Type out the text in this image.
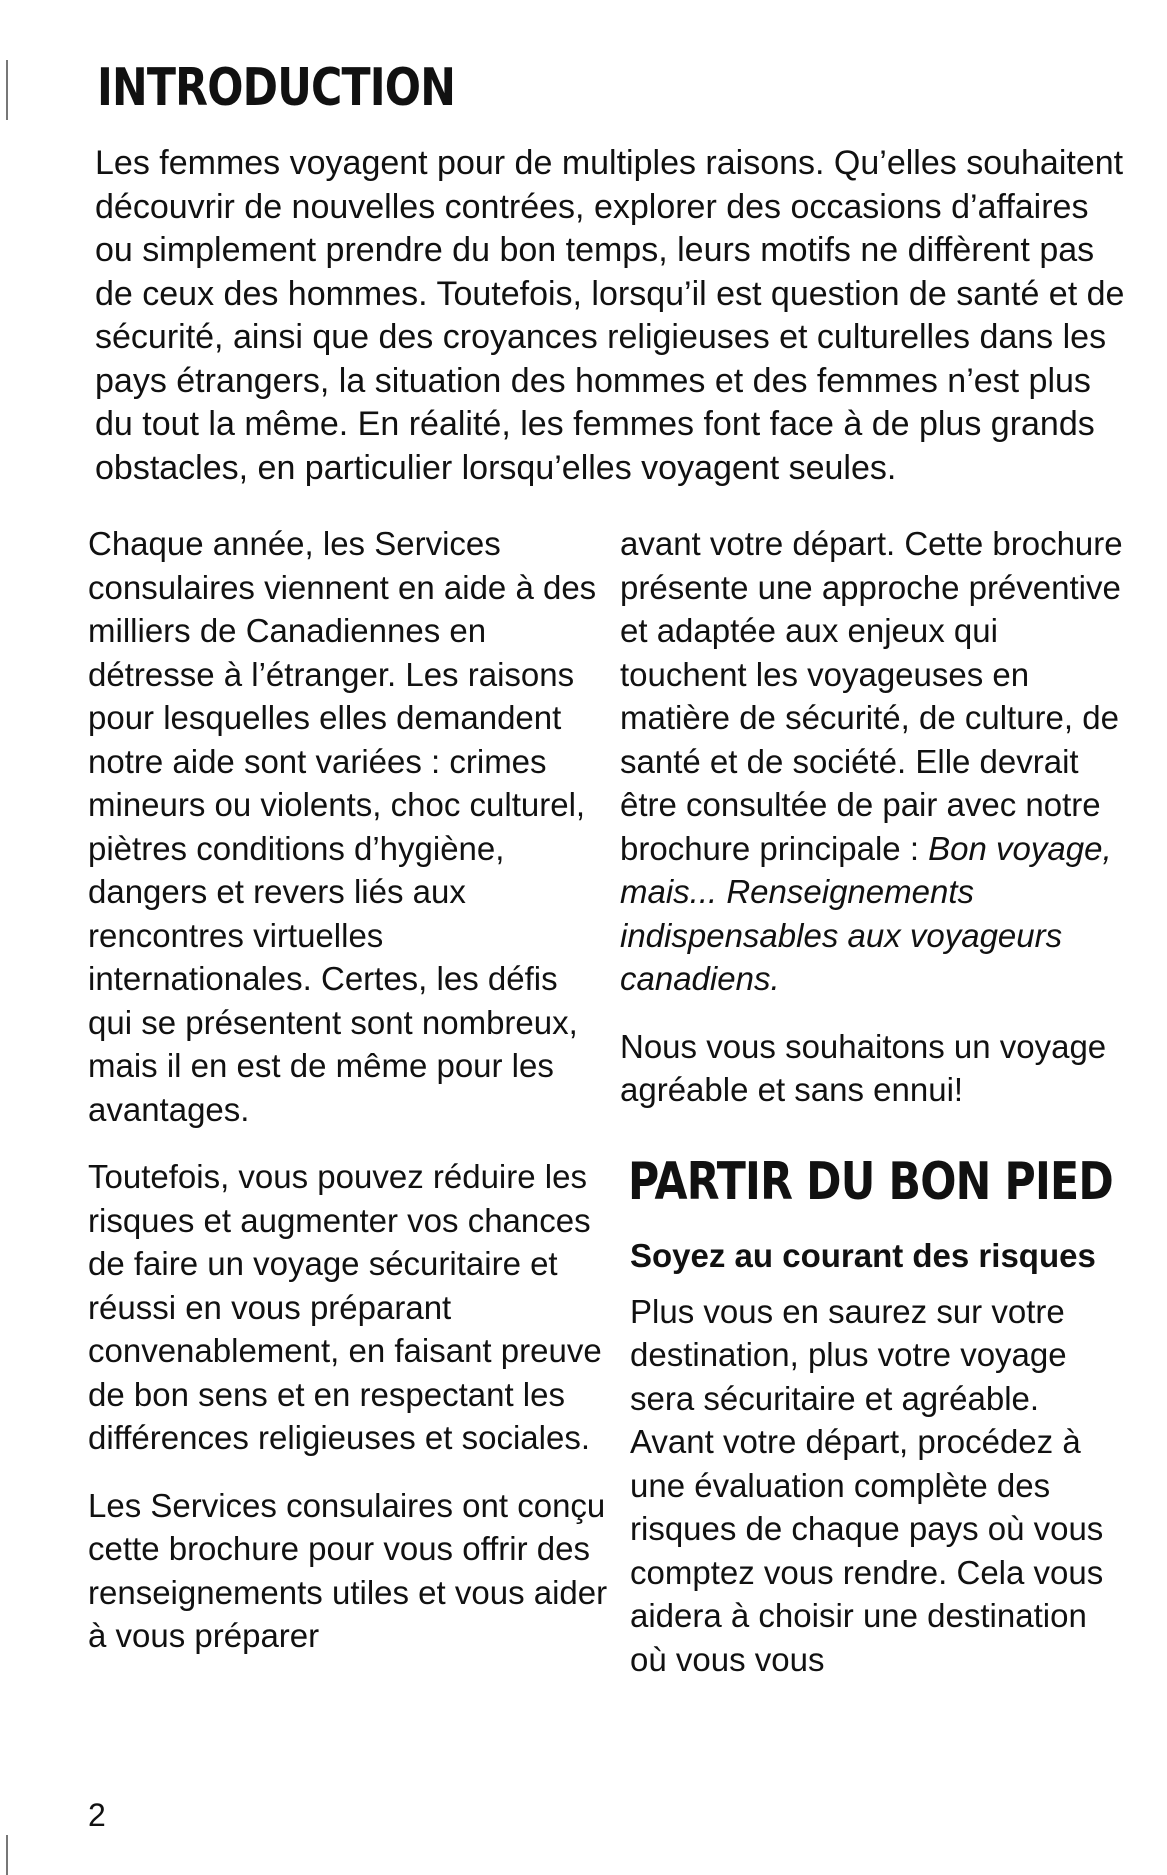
INTRODUCTION

Les femmes voyagent pour de multiples raisons. Qu’elles souhaitent découvrir de nouvelles contrées, explorer des occasions d’affaires ou simplement prendre du bon temps, leurs motifs ne diffèrent pas de ceux des hommes. Toutefois, lorsqu’il est question de santé et de sécurité, ainsi que des croyances religieuses et culturelles dans les pays étrangers, la situation des hommes et des femmes n’est plus du tout la même. En réalité, les femmes font face à de plus grands obstacles, en particulier lorsqu’elles voyagent seules.

Chaque année, les Services consulaires viennent en aide à des milliers de Canadiennes en détresse à l’étranger. Les raisons pour lesquelles elles demandent notre aide sont variées : crimes mineurs ou violents, choc culturel, piètres conditions d’hygiène, dangers et revers liés aux rencontres virtuelles internationales. Certes, les défis qui se présentent sont nombreux, mais il en est de même pour les avantages.

Toutefois, vous pouvez réduire les risques et augmenter vos chances de faire un voyage sécuritaire et réussi en vous préparant convenablement, en faisant preuve de bon sens et en respectant les différences religieuses et sociales.

Les Services consulaires ont conçu cette brochure pour vous offrir des renseignements utiles et vous aider à vous préparer

avant votre départ. Cette brochure présente une approche préventive et adaptée aux enjeux qui touchent les voyageuses en matière de sécurité, de culture, de santé et de société. Elle devrait être consultée de pair avec notre brochure principale : Bon voyage, mais... Renseignements indispensables aux voyageurs canadiens.

Nous vous souhaitons un voyage agréable et sans ennui!

PARTIR DU BON PIED
Soyez au courant des risques

Plus vous en saurez sur votre destination, plus votre voyage sera sécuritaire et agréable. Avant votre départ, procédez à une évaluation complète des risques de chaque pays où vous comptez vous rendre. Cela vous aidera à choisir une destination où vous vous

2
